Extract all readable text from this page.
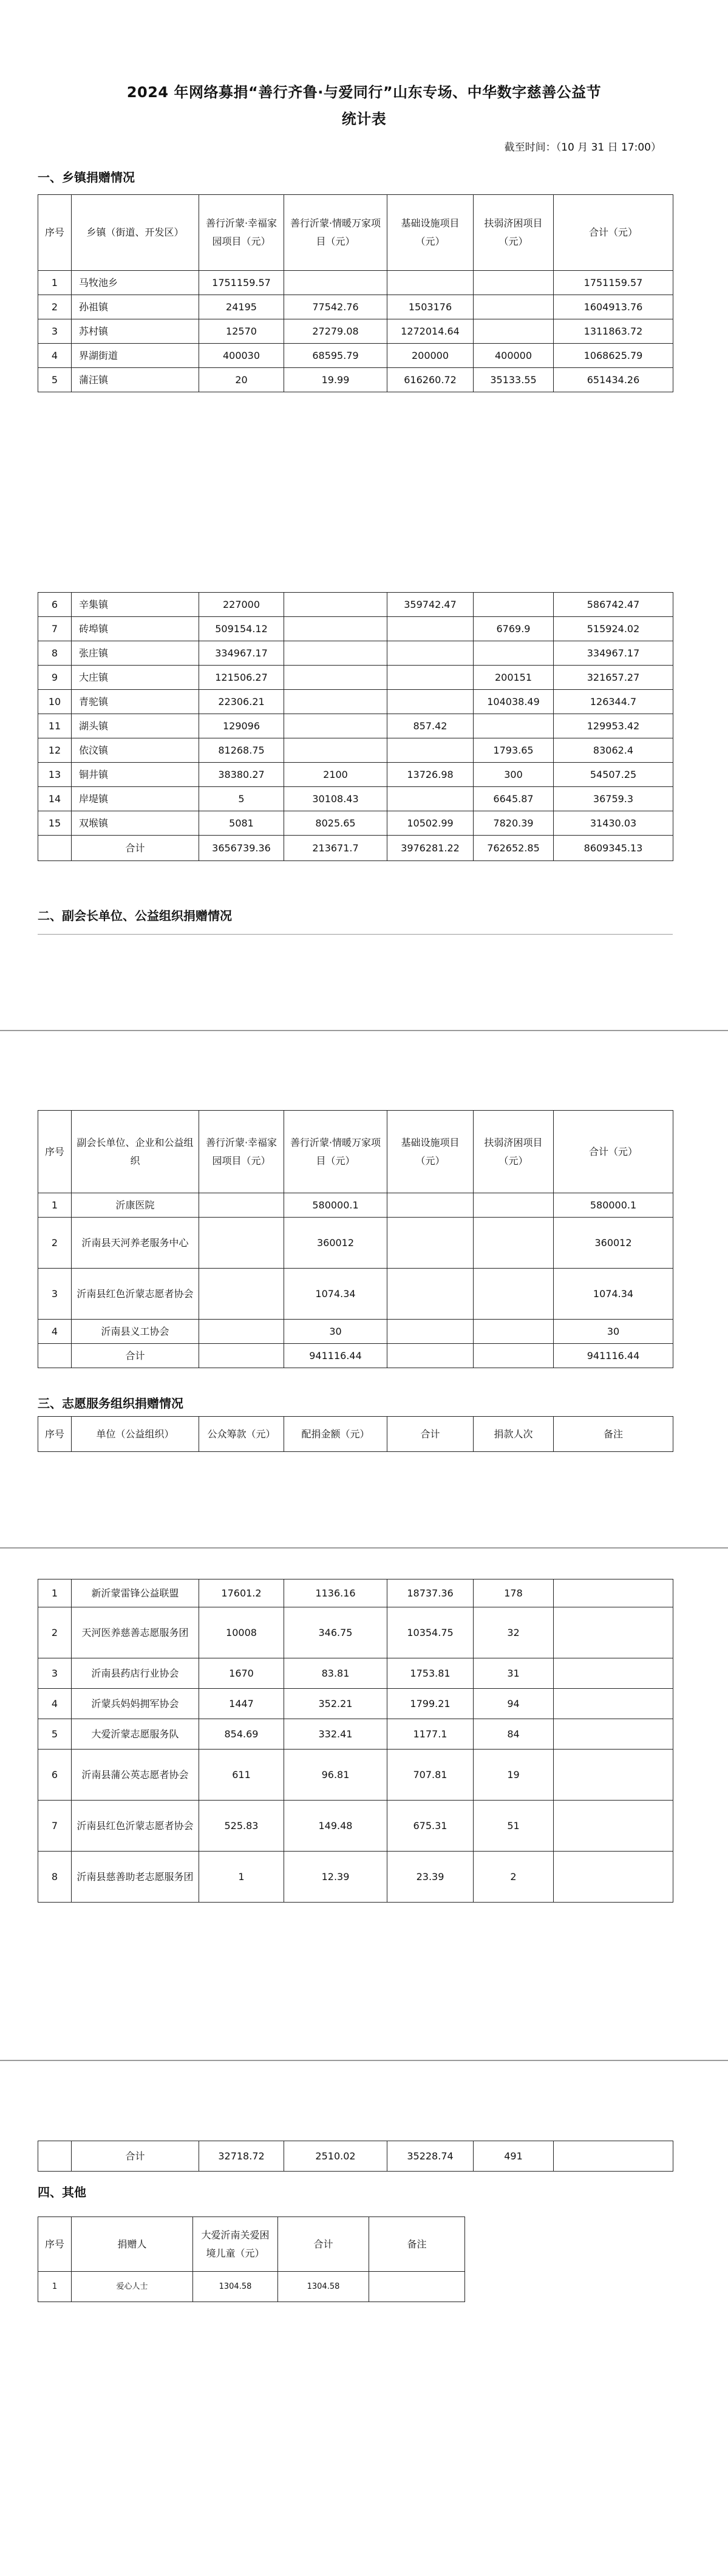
2024 年网络募捐“善行齐鲁·与爱同行”山东专场、中华数字慈善公益节
统计表
截至时间：（10 月 31 日 17:00）
一、乡镇捐赠情况
序号	乡镇（街道、开发区）	善行沂蒙·幸福家园项目（元）	善行沂蒙·情暖万家项目（元）	基础设施项目（元）	扶弱济困项目（元）	合计（元）
1	马牧池乡	1751159.57				1751159.57
2	孙祖镇	24195	77542.76	1503176		1604913.76
3	苏村镇	12570	27279.08	1272014.64		1311863.72
4	界湖街道	400030	68595.79	200000	400000	1068625.79
5	蒲汪镇	20	19.99	616260.72	35133.55	651434.26
6	辛集镇	227000		359742.47		586742.47
7	砖埠镇	509154.12			6769.9	515924.02
8	张庄镇	334967.17				334967.17
9	大庄镇	121506.27			200151	321657.27
10	青驼镇	22306.21			104038.49	126344.7
11	湖头镇	129096		857.42		129953.42
12	依汶镇	81268.75			1793.65	83062.4
13	铜井镇	38380.27	2100	13726.98	300	54507.25
14	岸堤镇	5	30108.43		6645.87	36759.3
15	双堠镇	5081	8025.65	10502.99	7820.39	31430.03
	合计	3656739.36	213671.7	3976281.22	762652.85	8609345.13
二、副会长单位、公益组织捐赠情况
序号	副会长单位、企业和公益组织	善行沂蒙·幸福家园项目（元）	善行沂蒙·情暖万家项目（元）	基础设施项目（元）	扶弱济困项目（元）	合计（元）
1	沂康医院		580000.1			580000.1
2	沂南县天河养老服务中心		360012			360012
3	沂南县红色沂蒙志愿者协会		1074.34			1074.34
4	沂南县义工协会		30			30
	合计		941116.44			941116.44
三、志愿服务组织捐赠情况
序号	单位（公益组织）	公众筹款（元）	配捐金额（元）	合计	捐款人次	备注
1	新沂蒙雷锋公益联盟	17601.2	1136.16	18737.36	178	
2	天河医养慈善志愿服务团	10008	346.75	10354.75	32	
3	沂南县药店行业协会	1670	83.81	1753.81	31	
4	沂蒙兵妈妈拥军协会	1447	352.21	1799.21	94	
5	大爱沂蒙志愿服务队	854.69	332.41	1177.1	84	
6	沂南县蒲公英志愿者协会	611	96.81	707.81	19	
7	沂南县红色沂蒙志愿者协会	525.83	149.48	675.31	51	
8	沂南县慈善助老志愿服务团	1	12.39	23.39	2	
	合计	32718.72	2510.02	35228.74	491	
四、其他
序号	捐赠人	大爱沂南关爱困境儿童（元）	合计	备注
1	爱心人士	1304.58	1304.58	
